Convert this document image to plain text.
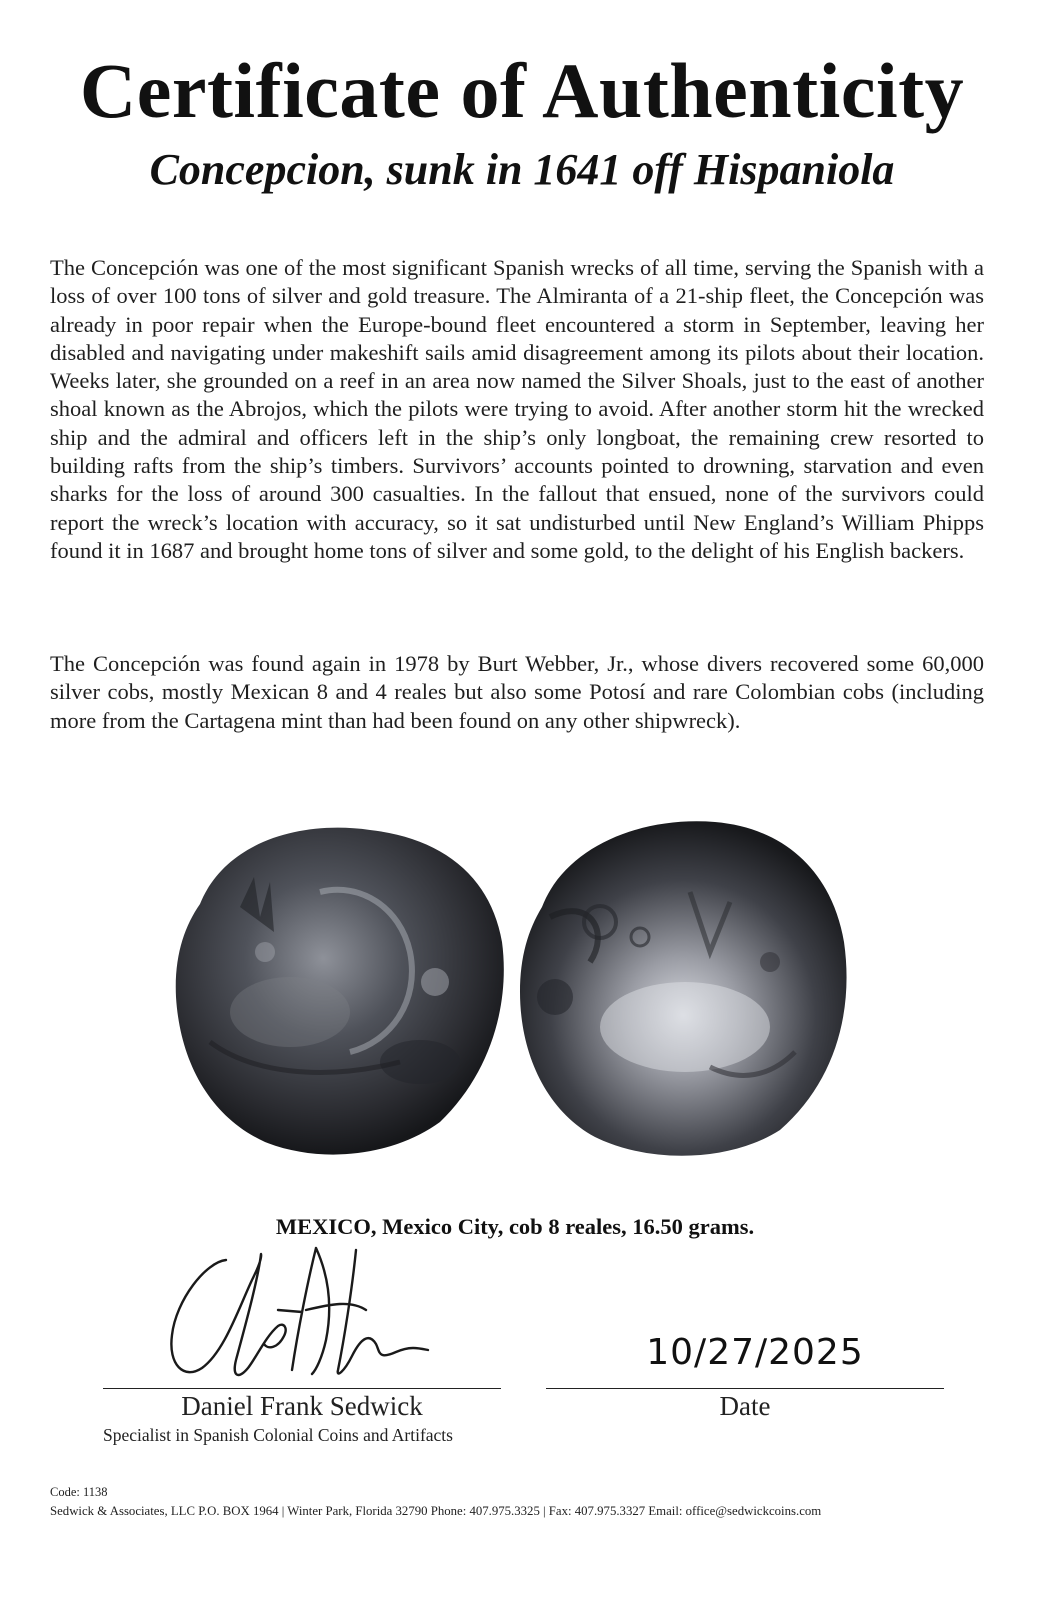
Certificate of Authenticity
Concepcion, sunk in 1641 off Hispaniola

The Concepción was one of the most significant Spanish wrecks of all time, serving the Spanish with a loss of over 100 tons of silver and gold treasure. The Almiranta of a 21-ship fleet, the Concepción was already in poor repair when the Europe-bound fleet encountered a storm in September, leaving her disabled and navigating under makeshift sails amid disagreement among its pilots about their location. Weeks later, she grounded on a reef in an area now named the Silver Shoals, just to the east of another shoal known as the Abrojos, which the pilots were trying to avoid. After another storm hit the wrecked ship and the admiral and officers left in the ship’s only longboat, the remaining crew resorted to building rafts from the ship’s timbers. Survivors’ accounts pointed to drowning, starvation and even sharks for the loss of around 300 casualties. In the fallout that ensued, none of the survivors could report the wreck’s location with accuracy, so it sat undisturbed until New England’s William Phipps found it in 1687 and brought home tons of silver and some gold, to the delight of his English backers.

The Concepción was found again in 1978 by Burt Webber, Jr., whose divers recovered some 60,000 silver cobs, mostly Mexican 8 and 4 reales but also some Potosí and rare Colombian cobs (including more from the Cartagena mint than had been found on any other shipwreck).

MEXICO, Mexico City, cob 8 reales, 16.50 grams.

10/27/2025

Daniel Frank Sedwick

Specialist in Spanish Colonial Coins and Artifacts

Date

Code: 1138

Sedwick & Associates, LLC P.O. BOX 1964 | Winter Park, Florida 32790 Phone: 407.975.3325 | Fax: 407.975.3327 Email: office@sedwickcoins.com
